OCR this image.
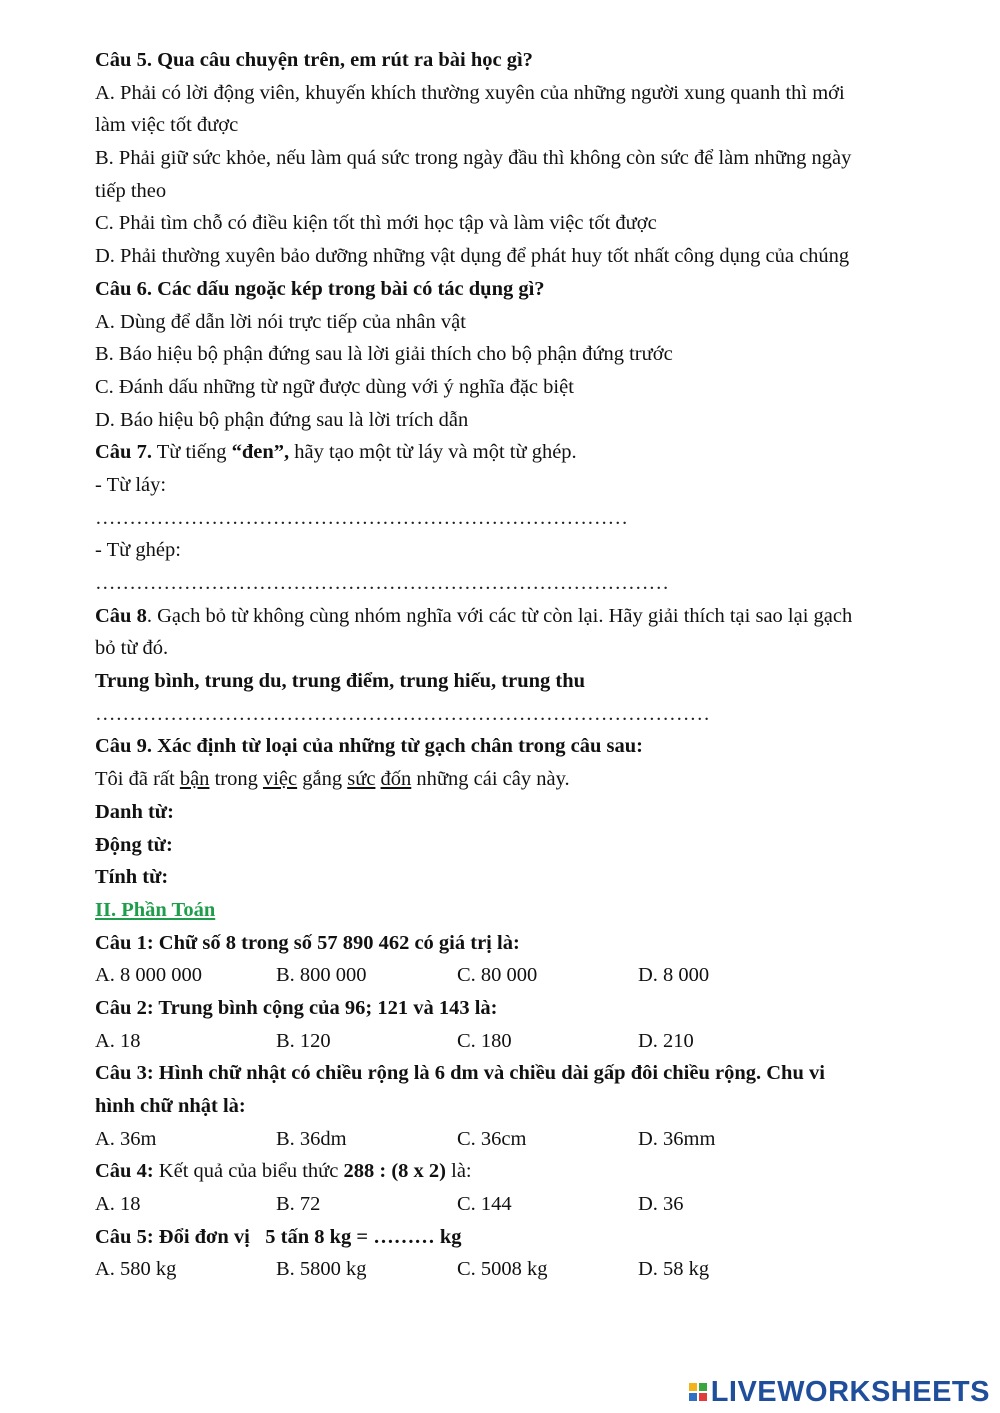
Câu 5. Qua câu chuyện trên, em rút ra bài học gì?
A. Phải có lời động viên, khuyến khích thường xuyên của những người xung quanh thì mới
làm việc tốt được
B. Phải giữ sức khỏe, nếu làm quá sức trong ngày đầu thì không còn sức để làm những ngày
tiếp theo
C. Phải tìm chỗ có điều kiện tốt thì mới học tập và làm việc tốt được
D. Phải thường xuyên bảo dưỡng những vật dụng để phát huy tốt nhất công dụng của chúng
Câu 6. Các dấu ngoặc kép trong bài có tác dụng gì?
A. Dùng để dẫn lời nói trực tiếp của nhân vật
B. Báo hiệu bộ phận đứng sau là lời giải thích cho bộ phận đứng trước
C. Đánh dấu những từ ngữ được dùng với ý nghĩa đặc biệt
D. Báo hiệu bộ phận đứng sau là lời trích dẫn
Câu 7. Từ tiếng “đen”, hãy tạo một từ láy và một từ ghép.
- Từ láy:
……………………………………………………………………
- Từ ghép:
…………………………………………………………………………
Câu 8. Gạch bỏ từ không cùng nhóm nghĩa với các từ còn lại. Hãy giải thích tại sao lại gạch
bỏ từ đó.
Trung bình, trung du, trung điểm, trung hiếu, trung thu
………………………………………………………………………………
Câu 9. Xác định từ loại của những từ gạch chân trong câu sau:
Tôi đã rất bận trong việc gắng sức đốn những cái cây này.
Danh từ:
Động từ:
Tính từ:
II. Phần Toán
Câu 1: Chữ số 8 trong số 57 890 462 có giá trị là:
A. 8 000 000	B. 800 000	C. 80 000	D. 8 000
Câu 2: Trung bình cộng của 96; 121 và 143 là:
A. 18	B. 120	C. 180	D. 210
Câu 3: Hình chữ nhật có chiều rộng là 6 dm và chiều dài gấp đôi chiều rộng. Chu vi
hình chữ nhật là:
A. 36m	B. 36dm	C. 36cm	D. 36mm
Câu 4: Kết quả của biểu thức 288 : (8 x 2) là:
A. 18	B. 72	C. 144	D. 36
Câu 5: Đổi đơn vị   5 tấn 8 kg = ……… kg
A. 580 kg	B. 5800 kg	C. 5008 kg	D. 58 kg
LIVEWORKSHEETS
